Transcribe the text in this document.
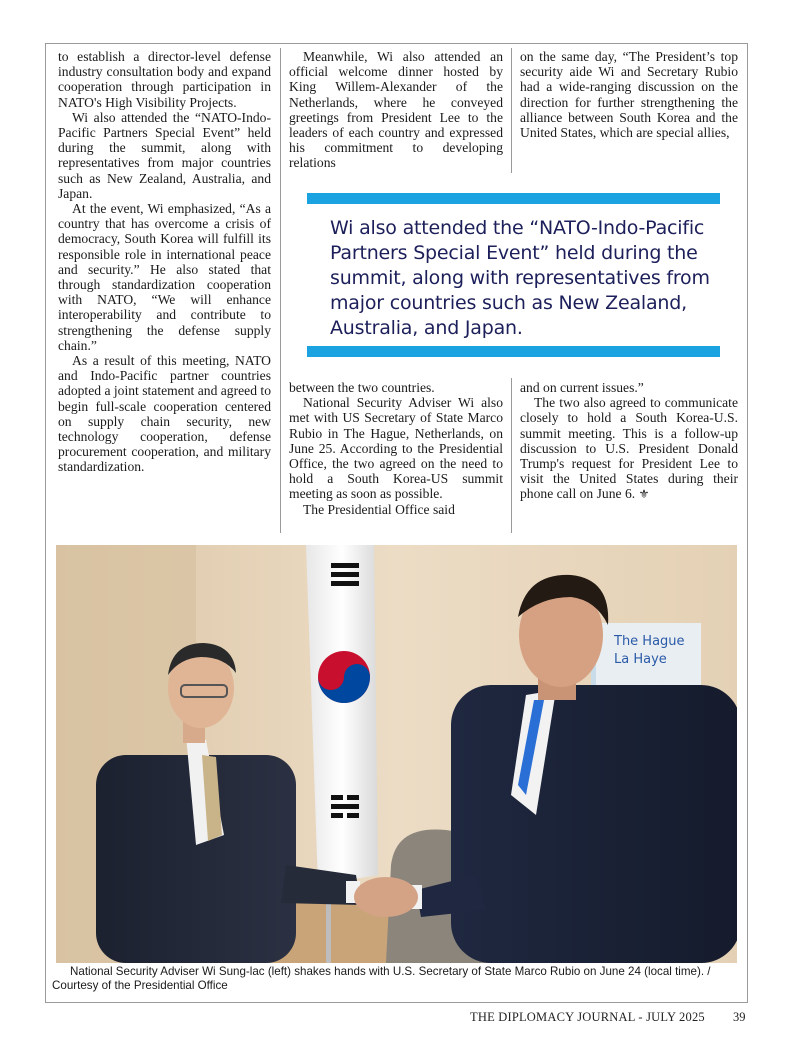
to establish a director-level defense industry consultation body and expand cooperation through participation in NATO's High Visibility Projects.

Wi also attended the “NATO-Indo-Pacific Partners Special Event” held during the summit, along with representatives from major countries such as New Zealand, Australia, and Japan.

At the event, Wi emphasized, “As a country that has overcome a crisis of democracy, South Korea will fulfill its responsible role in international peace and security.” He also stated that through standardization cooperation with NATO, “We will enhance interoperability and contribute to strengthening the defense supply chain.”

As a result of this meeting, NATO and Indo-Pacific partner countries adopted a joint statement and agreed to begin full-scale cooperation centered on supply chain security, new technology cooperation, defense procurement cooperation, and military standardization.

Meanwhile, Wi also attended an official welcome dinner hosted by King Willem-Alexander of the Netherlands, where he conveyed greetings from President Lee to the leaders of each country and expressed his commitment to developing relations

on the same day, “The President’s top security aide Wi and Secretary Rubio had a wide-ranging discussion on the direction for further strengthening the alliance between South Korea and the United States, which are special allies,

Wi also attended the “NATO-Indo-Pacific Partners Special Event” held during the summit, along with representatives from major countries such as New Zealand, Australia, and Japan.

between the two countries.

National Security Adviser Wi also met with US Secretary of State Marco Rubio in The Hague, Netherlands, on June 25. According to the Presidential Office, the two agreed on the need to hold a South Korea-US summit meeting as soon as possible.

The Presidential Office said

and on current issues.”

The two also agreed to communicate closely to hold a South Korea-U.S. summit meeting. This is a follow-up discussion to U.S. President Donald Trump's request for President Lee to visit the United States during their phone call on June 6. ⚜

The Hague
La Haye
National Security Adviser Wi Sung-lac (left) shakes hands with U.S. Secretary of State Marco Rubio on June 24 (local time). / Courtesy of the Presidential Office
THE DIPLOMACY JOURNAL - JULY 2025	39
